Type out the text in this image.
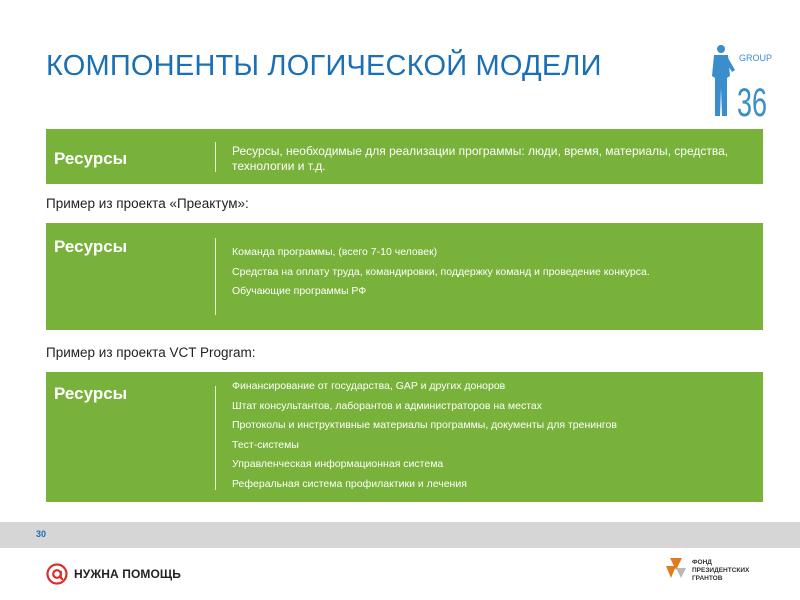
КОМПОНЕНТЫ ЛОГИЧЕСКОЙ МОДЕЛИ	GROUP
36
Ресурсы	Ресурсы, необходимые для реализации программы: люди, время, материалы, средства, технологии и т.д.
Пример из проекта «Преактум»:
Ресурсы	Команда программы, (всего 7-10 человек)
Средства на оплату труда, командировки, поддержку команд и проведение конкурса.
Обучающие программы РФ
Пример из проекта VCT Program:
Ресурсы	Финансирование от государства, GAP и других доноров
Штат консультантов, лаборантов и администраторов на местах
Протоколы и инструктивные материалы программы, документы для тренингов
Тест-системы
Управленческая информационная система
Реферальная система профилактики и лечения
30
НУЖНА ПОМОЩЬ
ФОНД
ПРЕЗИДЕНТСКИХ
ГРАНТОВ
